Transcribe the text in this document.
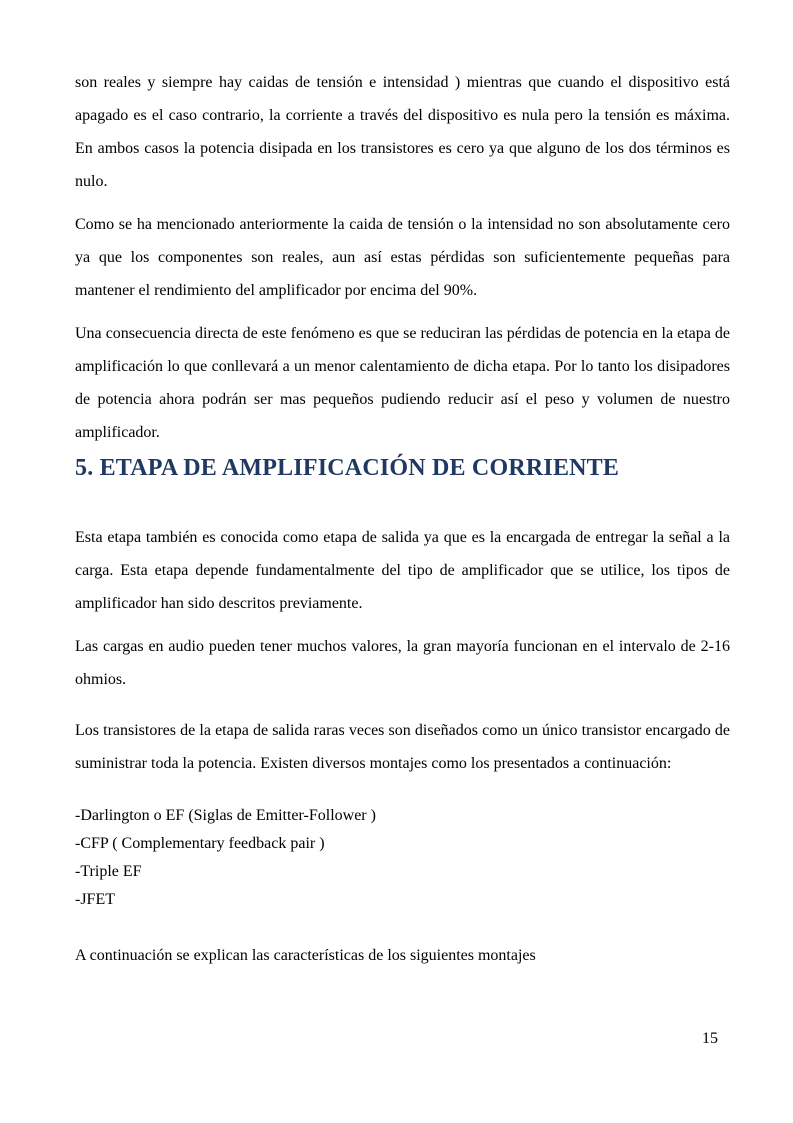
son reales y siempre hay caidas de tensión e intensidad ) mientras que cuando el dispositivo está apagado es el caso contrario, la corriente a través del dispositivo es nula pero la tensión es máxima. En ambos casos la potencia disipada en los transistores es cero ya que alguno de los dos términos es nulo.

Como se ha mencionado anteriormente la caida de tensión o la intensidad no son absolutamente cero ya que los componentes son reales, aun así estas pérdidas son suficientemente pequeñas para mantener el rendimiento del amplificador por encima del 90%.

Una consecuencia directa de este fenómeno es que se reduciran las pérdidas de potencia en la etapa de amplificación lo que conllevará a un menor calentamiento de dicha etapa. Por lo tanto los disipadores de potencia ahora podrán ser mas pequeños pudiendo reducir así el peso y volumen de nuestro amplificador.

5. ETAPA DE AMPLIFICACIÓN DE CORRIENTE

Esta etapa también es conocida como etapa de salida ya que es la encargada de entregar la señal a la carga. Esta etapa depende fundamentalmente del tipo de amplificador que se utilice, los tipos de amplificador han sido descritos previamente.

Las cargas en audio pueden tener muchos valores, la gran mayoría funcionan en el intervalo de 2-16 ohmios.

Los transistores de la etapa de salida raras veces son diseñados como un único transistor encargado de suministrar toda la potencia. Existen diversos montajes como los presentados a continuación:

-Darlington o EF (Siglas de Emitter-Follower )

-CFP ( Complementary feedback pair )

-Triple EF

-JFET

A continuación se explican las características de los siguientes montajes

15
